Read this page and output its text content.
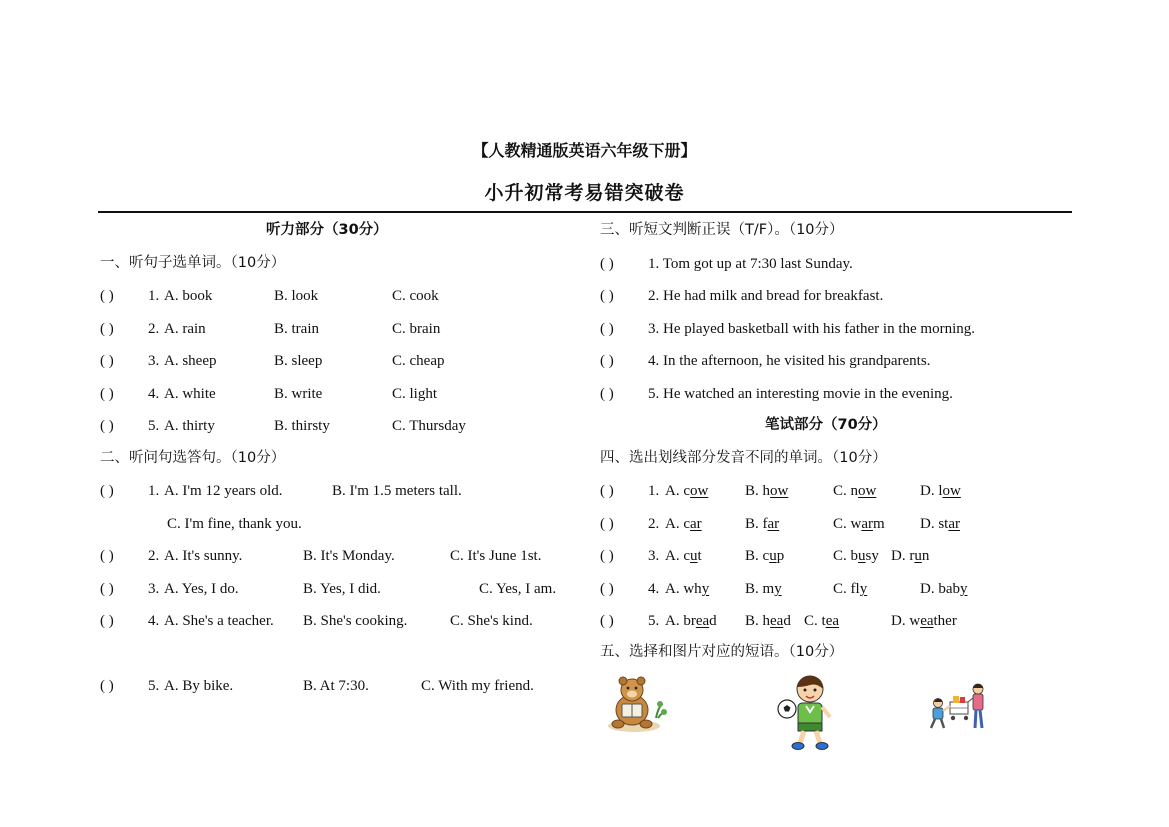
【人教精通版英语六年级下册】
小升初常考易错突破卷
听力部分（30分）
一、听句子选单词。（10分）
( ) 1. A. book	B. look	C. cook
( ) 2. A. rain	B. train	C. brain
( ) 3. A. sheep	B. sleep	C. cheap
( ) 4. A. white	B. write	C. light
( ) 5. A. thirty	B. thirsty	C. Thursday
二、听问句选答句。（10分）
( ) 1. A. I'm 12 years old.	B. I'm 1.5 meters tall.
C. I'm fine, thank you.
( ) 2. A. It's sunny.	B. It's Monday.	C. It's June 1st.
( ) 3. A. Yes, I do.	B. Yes, I did.	C. Yes, I am.
( ) 4. A. She's a teacher. B. She's cooking.	C. She's kind.
( ) 5. A. By bike.	B. At 7:30.	C. With my friend.
三、听短文判断正误（T/F）。（10分）
( ) 1. Tom got up at 7:30 last Sunday.
( ) 2. He had milk and bread for breakfast.
( ) 3. He played basketball with his father in the morning.
( ) 4. In the afternoon, he visited his grandparents.
( ) 5. He watched an interesting movie in the evening.
笔试部分（70分）
四、选出划线部分发音不同的单词。（10分）
( ) 1. A. cow B. how	C. now	D. low
( ) 2. A. car	B. far	C. warm D. star
( ) 3. A. cut	B. cup	C. busy D. run
( ) 4. A. why B. my	C. fly	D. baby
( ) 5. A. bread B. head C. tea	D. weather
五、选择和图片对应的短语。（10分）
